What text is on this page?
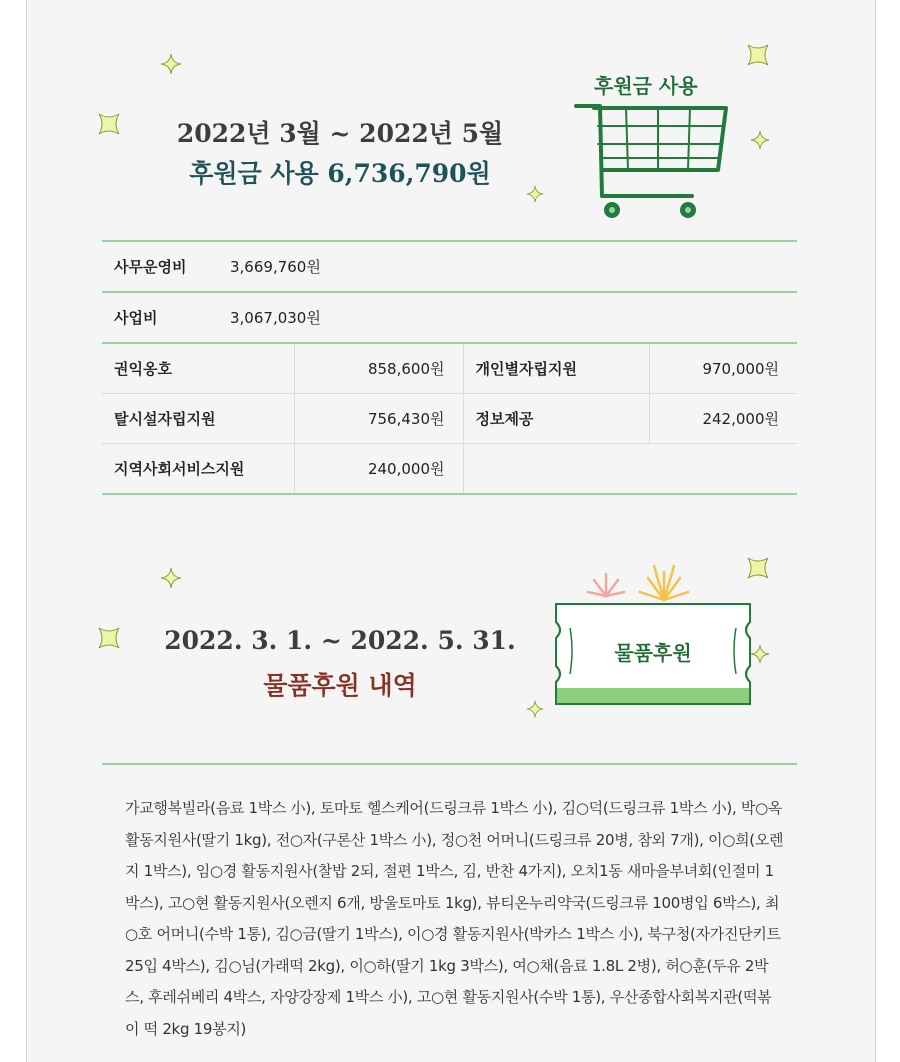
2022년 3월 ~ 2022년 5월
후원금 사용 6,736,790원
후원금 사용
사무운영비 3,669,760원			
사업비 3,067,030원			
권익옹호	858,600원	개인별자립지원	970,000원
탈시설자립지원	756,430원	정보제공	242,000원
지역사회서비스지원	240,000원		
2022. 3. 1. ~ 2022. 5. 31.
물품후원 내역
물품후원
가교행복빌라(음료 1박스 小), 토마토 헬스케어(드링크류 1박스 小), 김○덕(드링크류 1박스 小), 박○옥 활동지원사(딸기 1kg), 전○자(구론산 1박스 小), 정○천 어머니(드링크류 20병, 참외 7개), 이○희(오렌지 1박스), 임○경 활동지원사(찰밥 2되, 절편 1박스, 김, 반찬 4가지), 오치1동 새마을부녀회(인절미 1박스), 고○현 활동지원사(오렌지 6개, 방울토마토 1kg), 뷰티온누리약국(드링크류 100병입 6박스), 최○호 어머니(수박 1통), 김○금(딸기 1박스), 이○경 활동지원사(박카스 1박스 小), 북구청(자가진단키트 25입 4박스), 김○님(가래떡 2kg), 이○하(딸기 1kg 3박스), 여○채(음료 1.8L 2병), 허○훈(두유 2박스, 후레쉬베리 4박스, 자양강장제 1박스 小), 고○현 활동지원사(수박 1통), 우산종합사회복지관(떡볶이 떡 2kg 19봉지)
